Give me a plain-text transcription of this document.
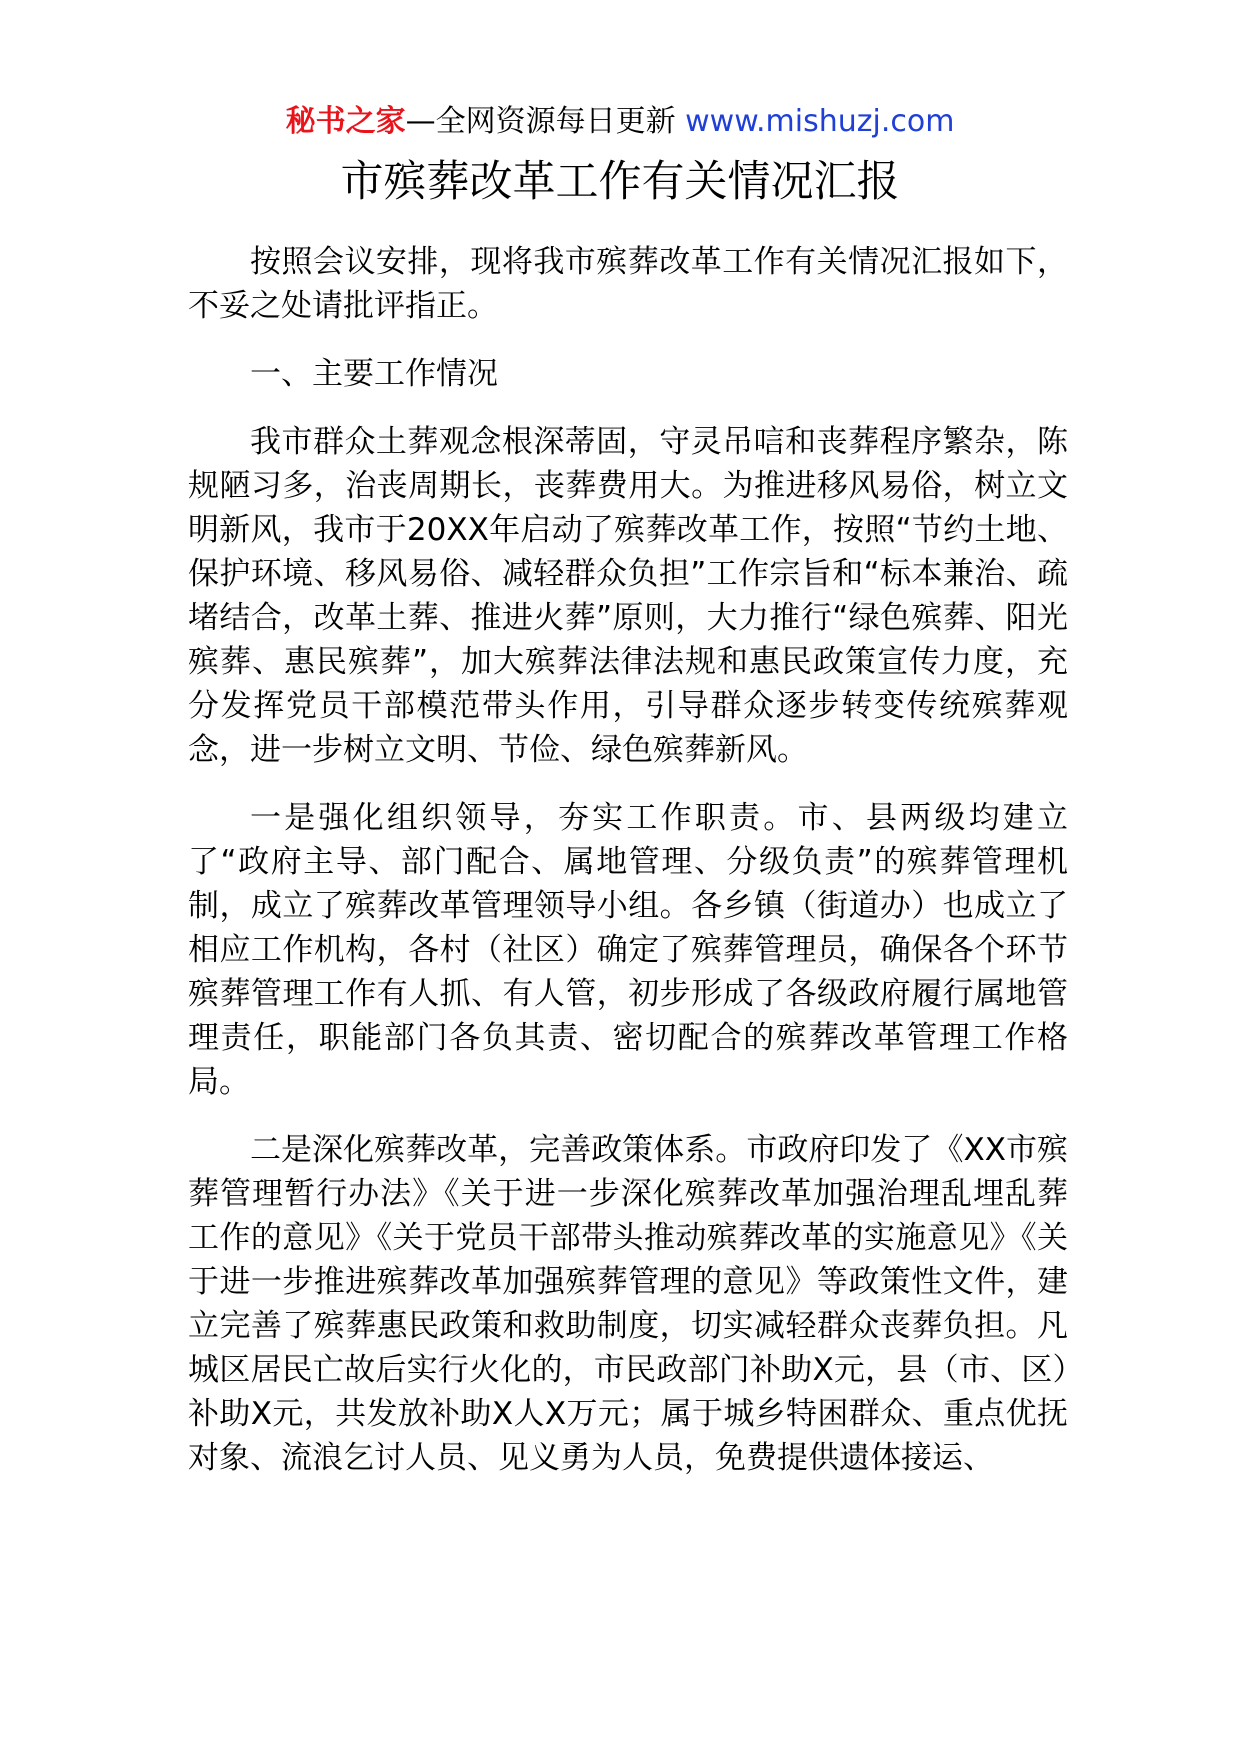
秘书之家—全网资源每日更新 www.mishuzj.com
市殡葬改革工作有关情况汇报

按照会议安排，现将我市殡葬改革工作有关情况汇报如下，不妥之处请批评指正。

一、主要工作情况

我市群众土葬观念根深蒂固，守灵吊唁和丧葬程序繁杂，陈规陋习多，治丧周期长，丧葬费用大。为推进移风易俗，树立文明新风，我市于20XX年启动了殡葬改革工作，按照“节约土地、保护环境、移风易俗、减轻群众负担”工作宗旨和“标本兼治、疏堵结合，改革土葬、推进火葬”原则，大力推行“绿色殡葬、阳光殡葬、惠民殡葬”，加大殡葬法律法规和惠民政策宣传力度，充分发挥党员干部模范带头作用，引导群众逐步转变传统殡葬观念，进一步树立文明、节俭、绿色殡葬新风。

一是强化组织领导，夯实工作职责。市、县两级均建立了“政府主导、部门配合、属地管理、分级负责”的殡葬管理机制，成立了殡葬改革管理领导小组。各乡镇（街道办）也成立了相应工作机构，各村（社区）确定了殡葬管理员，确保各个环节殡葬管理工作有人抓、有人管，初步形成了各级政府履行属地管理责任，职能部门各负其责、密切配合的殡葬改革管理工作格局。

二是深化殡葬改革，完善政策体系。市政府印发了《XX市殡葬管理暂行办法》《关于进一步深化殡葬改革加强治理乱埋乱葬工作的意见》《关于党员干部带头推动殡葬改革的实施意见》《关于进一步推进殡葬改革加强殡葬管理的意见》等政策性文件，建立完善了殡葬惠民政策和救助制度，切实减轻群众丧葬负担。凡城区居民亡故后实行火化的，市民政部门补助X元，县（市、区）补助X元，共发放补助X人X万元；属于城乡特困群众、重点优抚对象、流浪乞讨人员、见义勇为人员，免费提供遗体接运、
